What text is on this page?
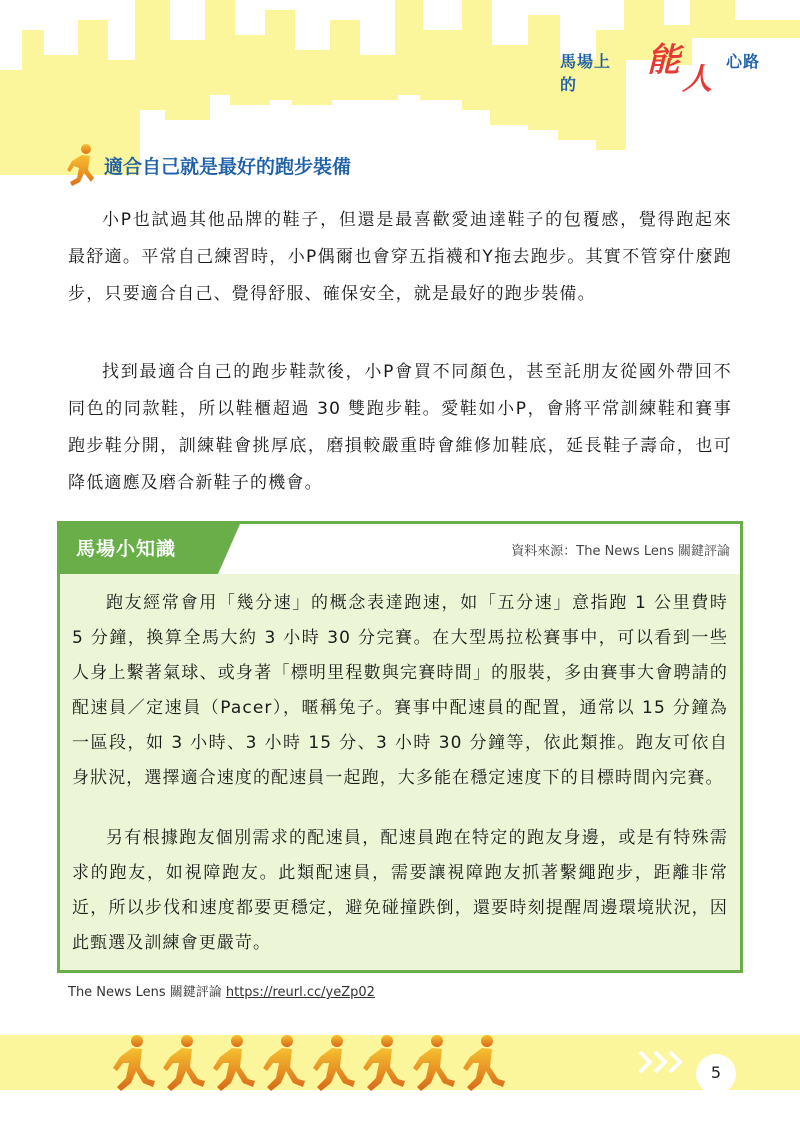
馬場上的
能
人
心路
適合自己就是最好的跑步裝備

小P也試過其他品牌的鞋子，但還是最喜歡愛迪達鞋子的包覆感，覺得跑起來最舒適。平常自己練習時，小P偶爾也會穿五指襪和Y拖去跑步。其實不管穿什麼跑步，只要適合自己、覺得舒服、確保安全，就是最好的跑步裝備。

找到最適合自己的跑步鞋款後，小P會買不同顏色，甚至託朋友從國外帶回不同色的同款鞋，所以鞋櫃超過 30 雙跑步鞋。愛鞋如小P，會將平常訓練鞋和賽事跑步鞋分開，訓練鞋會挑厚底，磨損較嚴重時會維修加鞋底，延長鞋子壽命，也可降低適應及磨合新鞋子的機會。

馬場小知識	資料來源：The News Lens 關鍵評論

跑友經常會用「幾分速」的概念表達跑速，如「五分速」意指跑 1 公里費時 5 分鐘，換算全馬大約 3 小時 30 分完賽。在大型馬拉松賽事中，可以看到一些人身上繫著氣球、或身著「標明里程數與完賽時間」的服裝，多由賽事大會聘請的配速員／定速員（Pacer），暱稱兔子。賽事中配速員的配置，通常以 15 分鐘為一區段，如 3 小時、3 小時 15 分、3 小時 30 分鐘等，依此類推。跑友可依自身狀況，選擇適合速度的配速員一起跑，大多能在穩定速度下的目標時間內完賽。

另有根據跑友個別需求的配速員，配速員跑在特定的跑友身邊，或是有特殊需求的跑友，如視障跑友。此類配速員，需要讓視障跑友抓著繫繩跑步，距離非常近，所以步伐和速度都要更穩定，避免碰撞跌倒，還要時刻提醒周邊環境狀況，因此甄選及訓練會更嚴苛。

The News Lens 關鍵評論 https://reurl.cc/yeZp02
5
